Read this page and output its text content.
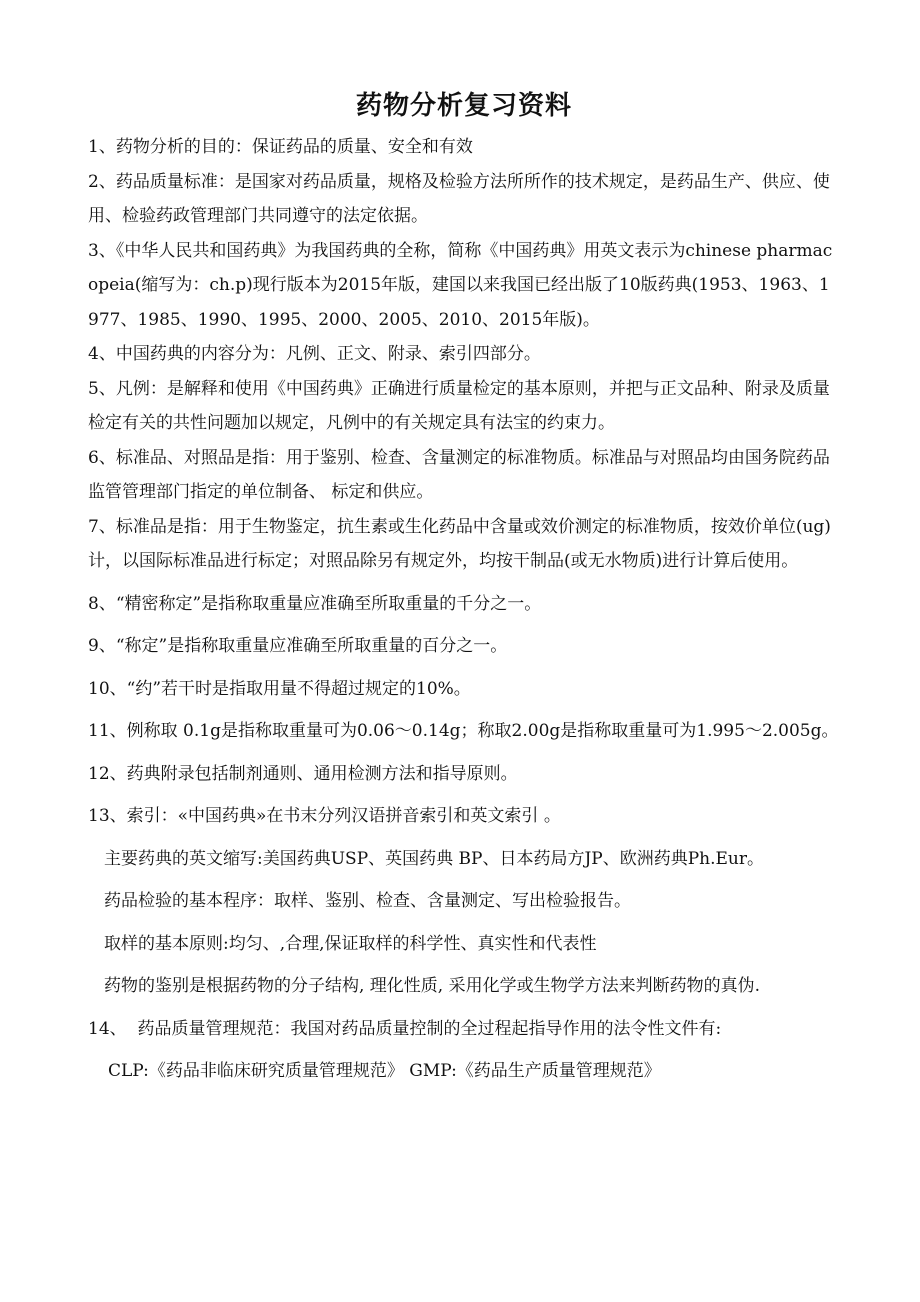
药物分析复习资料

1、药物分析的目的：保证药品的质量、安全和有效

2、药品质量标准：是国家对药品质量，规格及检验方法所所作的技术规定，是药品生产、供应、使用、检验药政管理部门共同遵守的法定依据。

3、《中华人民共和国药典》为我国药典的全称，简称《中国药典》用英文表示为chinese pharmacopeia(缩写为：ch.p)现行版本为2015年版，建国以来我国已经出版了10版药典(1953、1963、1977、1985、1990、1995、2000、2005、2010、2015年版)。

4、中国药典的内容分为：凡例、正文、附录、索引四部分。

5、凡例：是解释和使用《中国药典》正确进行质量检定的基本原则，并把与正文品种、附录及质量检定有关的共性问题加以规定，凡例中的有关规定具有法宝的约束力。

6、标准品、对照品是指：用于鉴别、检查、含量测定的标准物质。标准品与对照品均由国务院药品监管管理部门指定的单位制备、 标定和供应。

7、标准品是指：用于生物鉴定，抗生素或生化药品中含量或效价测定的标准物质，按效价单位(ug)计，以国际标准品进行标定；对照品除另有规定外，均按干制品(或无水物质)进行计算后使用。

8、“精密称定”是指称取重量应准确至所取重量的千分之一。

9、“称定”是指称取重量应准确至所取重量的百分之一。

10、“约”若干时是指取用量不得超过规定的10%。

11、例称取 0.1g是指称取重量可为0.06～0.14g；称取2.00g是指称取重量可为1.995～2.005g。

12、药典附录包括制剂通则、通用检测方法和指导原则。

13、索引：«中国药典»在书末分列汉语拼音索引和英文索引 。

主要药典的英文缩写:美国药典USP、英国药典 BP、日本药局方JP、欧洲药典Ph.Eur。

药品检验的基本程序：取样、鉴别、检查、含量测定、写出检验报告。

取样的基本原则:均匀、,合理,保证取样的科学性、真实性和代表性

药物的鉴别是根据药物的分子结构, 理化性质, 采用化学或生物学方法来判断药物的真伪.

14、  药品质量管理规范：我国对药品质量控制的全过程起指导作用的法令性文件有:

CLP:《药品非临床研究质量管理规范》 GMP:《药品生产质量管理规范》
